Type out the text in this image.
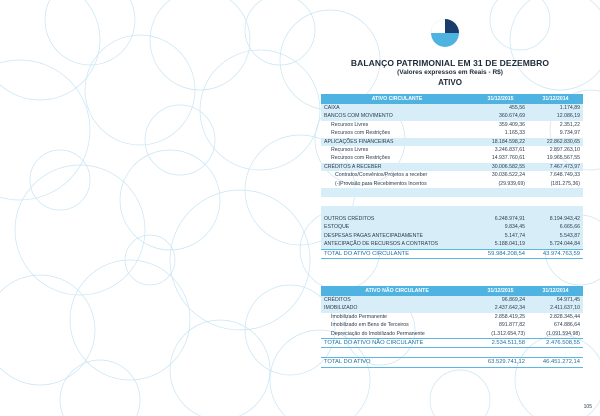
BALANÇO PATRIMONIAL EM 31 DE DEZEMBRO
(Valores expressos em Reais - R$)
ATIVO
ATIVO CIRCULANTE	31/12/2015	31/12/2014
CAIXA	455,56	1.174,89
BANCOS COM MOVIMENTO	360.674,69	12.086,19
Recursos Livres	359.409,36	2.351,22
Recursos com Restrições	1.165,33	9.734,97
APLICAÇÕES FINANCEIRAS	18.184.598,22	22.862.830,65
Recursos Livres	3.246.837,61	2.897.263,10
Recursos com Restrições	14.937.760,61	19.965.567,55
CRÉDITOS A RECEBER	30.006.582,55	7.467.473,97
Contratos/Convênios/Projetos a receber	30.036.522,24	7.648.749,33
(-)Provisão para Recebimentos Incertos	(29.939,69)	(181.275,36)

OUTROS CRÉDITOS	6.248.974,91	8.194.943,42
ESTOQUE	9.834,45	6.665,66
DESPESAS PAGAS ANTECIPADAMENTE	5.147,74	5.543,87
ANTECIPAÇÃO DE RECURSOS A CONTRATOS	5.188.041,19	5.724.044,84
TOTAL DO ATIVO CIRCULANTE	59.984.208,54	43.974.763,59
ATIVO NÃO CIRCULANTE	31/12/2015	31/12/2014
CRÉDITOS	96.869,24	64.971,45
IMOBILIZADO	2.437.642,34	2.411.637,10
Imobilizado Permanente	2.858.419,25	2.828.345,44
Imobilizado em Bens de Terceiros	891.877,82	674.886,64
Depreciação do Imobilizado Permanente	(1.312.654,73)	(1.091.594,98)
TOTAL DO ATIVO NÃO CIRCULANTE	2.534.511,58	2.476.508,55

TOTAL DO ATIVO	63.529.741,12	46.451.272,14
105
